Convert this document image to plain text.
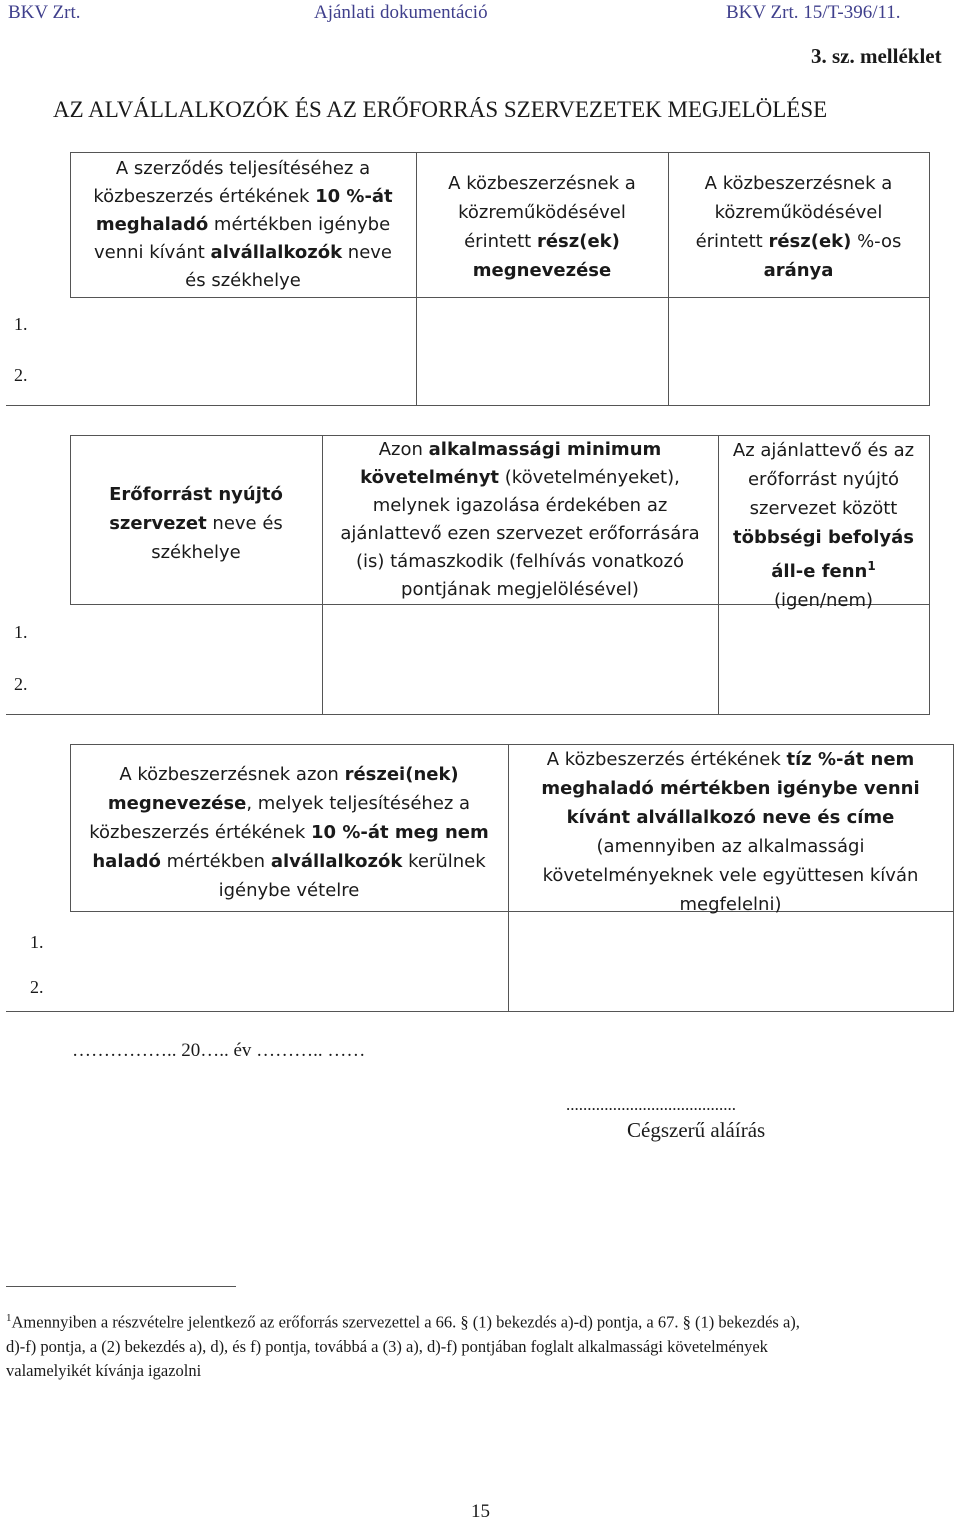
BKV Zrt.	Ajánlati dokumentáció	BKV Zrt. 15/T-396/11.
3. sz. melléklet
AZ ALVÁLLALKOZÓK ÉS AZ ERŐFORRÁS SZERVEZETEK MEGJELÖLÉSE
A szerződés teljesítéséhez a
közbeszerzés értékének 10 %-át
meghaladó mértékben igénybe
venni kívánt alvállalkozók neve
és székhelye
A közbeszerzésnek a
közreműködésével
érintett rész(ek)
megnevezése
A közbeszerzésnek a
közreműködésével
érintett rész(ek) %-os
aránya
1.
2.
Erőforrást nyújtó
szervezet neve és
székhelye
Azon alkalmassági minimum
követelményt (követelményeket),
melynek igazolása érdekében az
ajánlattevő ezen szervezet erőforrására
(is) támaszkodik (felhívás vonatkozó
pontjának megjelölésével)
Az ajánlattevő és az
erőforrást nyújtó
szervezet között
többségi befolyás
áll-e fenn$^1$
(igen/nem)
1.
2.
A közbeszerzésnek azon részei(nek)
megnevezése, melyek teljesítéséhez a
közbeszerzés értékének 10 %-át meg nem
haladó mértékben alvállalkozók kerülnek
igénybe vételre
A közbeszerzés értékének tíz %-át nem
meghaladó mértékben igénybe venni
kívánt alvállalkozó neve és címe
(amennyiben az alkalmassági
követelményeknek vele együttesen kíván
megfelelni)
1.
2.
…………….. 20….. év ……….. ……
........................................
Cégszerű aláírás
$^1$Amennyiben a részvételre jelentkező az erőforrás szervezettel a 66. § (1) bekezdés a)-d) pontja, a 67. § (1) bekezdés a),
d)-f) pontja, a (2) bekezdés a), d), és f) pontja, továbbá a (3) a), d)-f) pontjában foglalt alkalmassági követelmények
valamelyikét kívánja igazolni
15
